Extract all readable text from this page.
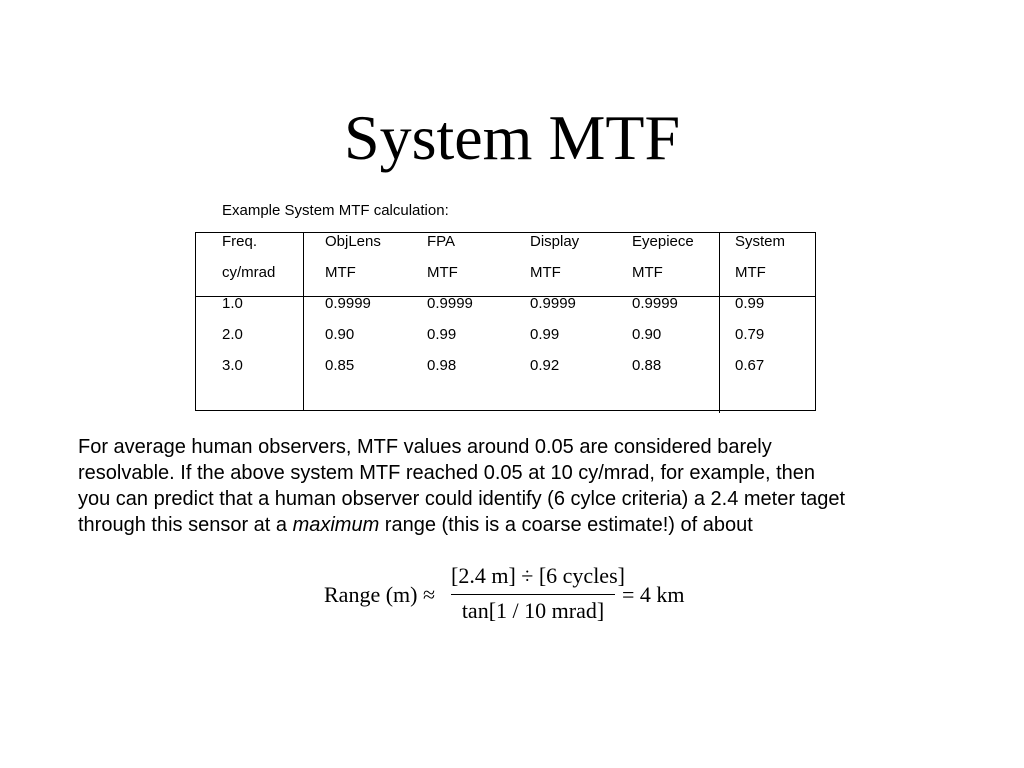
System MTF
Example System MTF calculation:
Freq.	ObjLens	FPA	Display	Eyepiece	System
cy/mrad	MTF	MTF	MTF	MTF	MTF
1.0	0.9999	0.9999	0.9999	0.9999	0.99
2.0	0.90	0.99	0.99	0.90	0.79
3.0	0.85	0.98	0.92	0.88	0.67
For average human observers, MTF values around 0.05 are considered barely
resolvable. If the above system MTF reached 0.05 at 10 cy/mrad, for example, then
you can predict that a human observer could identify (6 cylce criteria) a 2.4 meter taget
through this sensor at a maximum range (this is a coarse estimate!) of about
Range (m) ≈
[2.4 m] ÷ [6 cycles]
tan[1 / 10 mrad]
= 4 km
